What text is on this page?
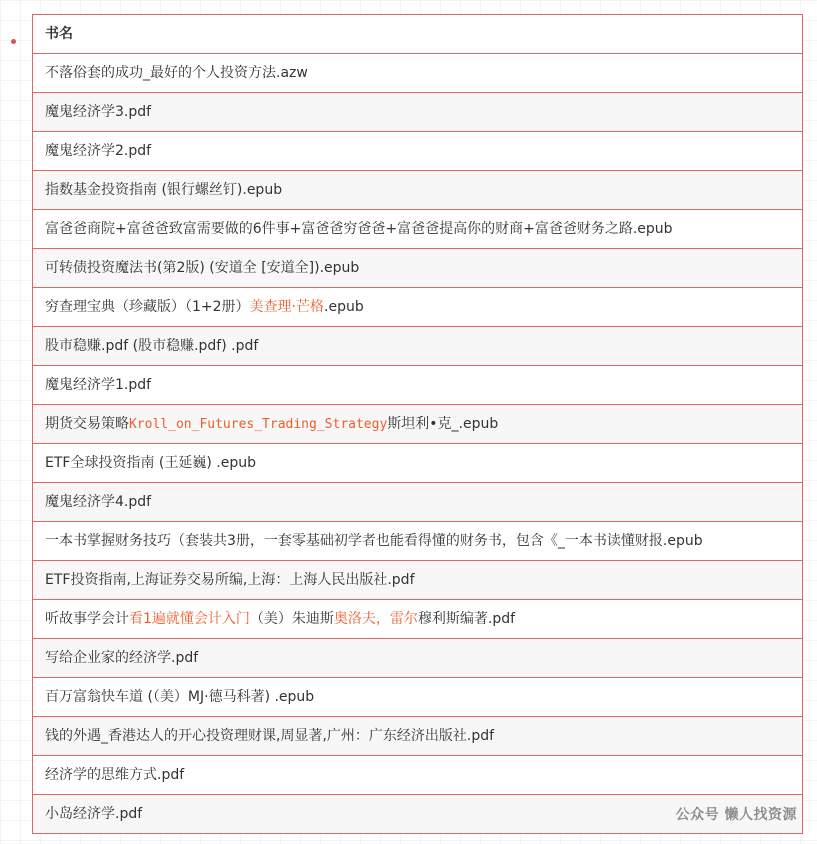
书名
不落俗套的成功_最好的个人投资方法.azw
魔鬼经济学3.pdf
魔鬼经济学2.pdf
指数基金投资指南 (银行螺丝钉).epub
富爸爸商院+富爸爸致富需要做的6件事+富爸爸穷爸爸+富爸爸提高你的财商+富爸爸财务之路.epub
可转债投资魔法书(第2版) (安道全 [安道全]).epub
穷查理宝典（珍藏版）（1+2册）美查理·芒格.epub
股市稳赚.pdf (股市稳赚.pdf) .pdf
魔鬼经济学1.pdf
期货交易策略Kroll_on_Futures_Trading_Strategy斯坦利•克_.epub
ETF全球投资指南 (王延巍) .epub
魔鬼经济学4.pdf
一本书掌握财务技巧（套装共3册，一套零基础初学者也能看得懂的财务书，包含《_一本书读懂财报.epub
ETF投资指南,上海证券交易所编,上海：上海人民出版社.pdf
听故事学会计看1遍就懂会计入门（美）朱迪斯奥洛夫，雷尔穆利斯编著.pdf
写给企业家的经济学.pdf
百万富翁快车道 (（美）MJ·德马科著) .epub
钱的外遇_香港达人的开心投资理财课,周显著,广州：广东经济出版社.pdf
经济学的思维方式.pdf
小岛经济学.pdf	公众号 懒人找资源
